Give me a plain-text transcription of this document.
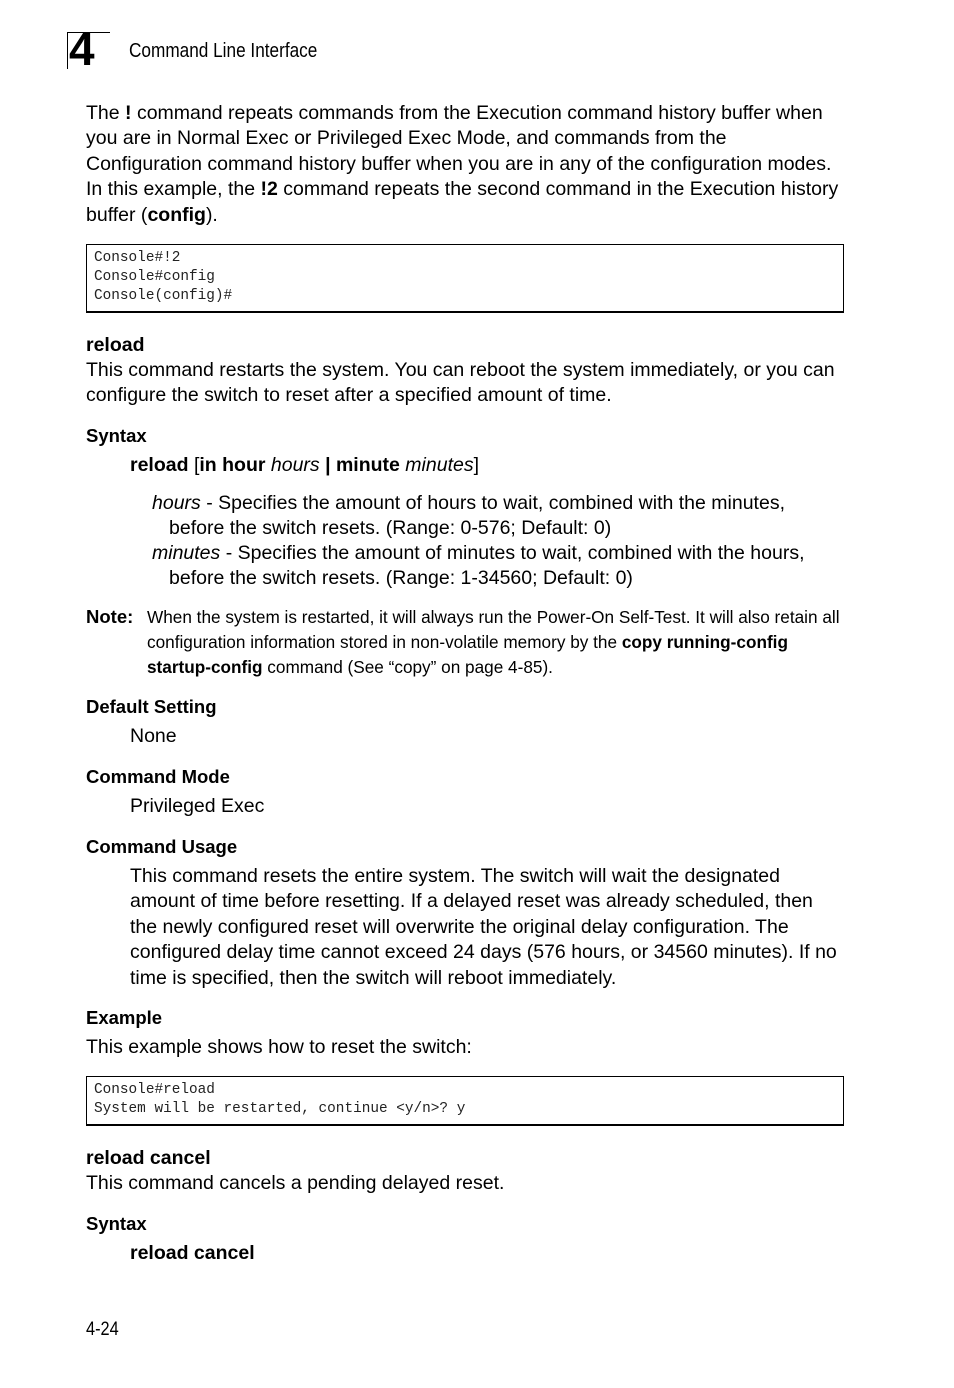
4 Command Line Interface

The ! command repeats commands from the Execution command history buffer when you are in Normal Exec or Privileged Exec Mode, and commands from the Configuration command history buffer when you are in any of the configuration modes. In this example, the !2 command repeats the second command in the Execution history buffer (config).

Console#!2
Console#config
Console(config)#
reload

This command restarts the system. You can reboot the system immediately, or you can configure the switch to reset after a specified amount of time.

Syntax
reload [in hour hours | minute minutes]
hours - Specifies the amount of hours to wait, combined with the minutes,
before the switch resets. (Range: 0-576; Default: 0)
minutes - Specifies the amount of minutes to wait, combined with the hours,
before the switch resets. (Range: 1-34560; Default: 0)
Note: When the system is restarted, it will always run the Power-On Self-Test. It will also retain all configuration information stored in non-volatile memory by the copy running-config startup-config command (See “copy” on page 4-85).

Default Setting
None
Command Mode
Privileged Exec
Command Usage

This command resets the entire system. The switch will wait the designated amount of time before resetting. If a delayed reset was already scheduled, then the newly configured reset will overwrite the original delay configuration. The configured delay time cannot exceed 24 days (576 hours, or 34560 minutes). If no time is specified, then the switch will reboot immediately.

Example
This example shows how to reset the switch:
Console#reload
System will be restarted, continue <y/n>? y
reload cancel
This command cancels a pending delayed reset.
Syntax
reload cancel
4-24
